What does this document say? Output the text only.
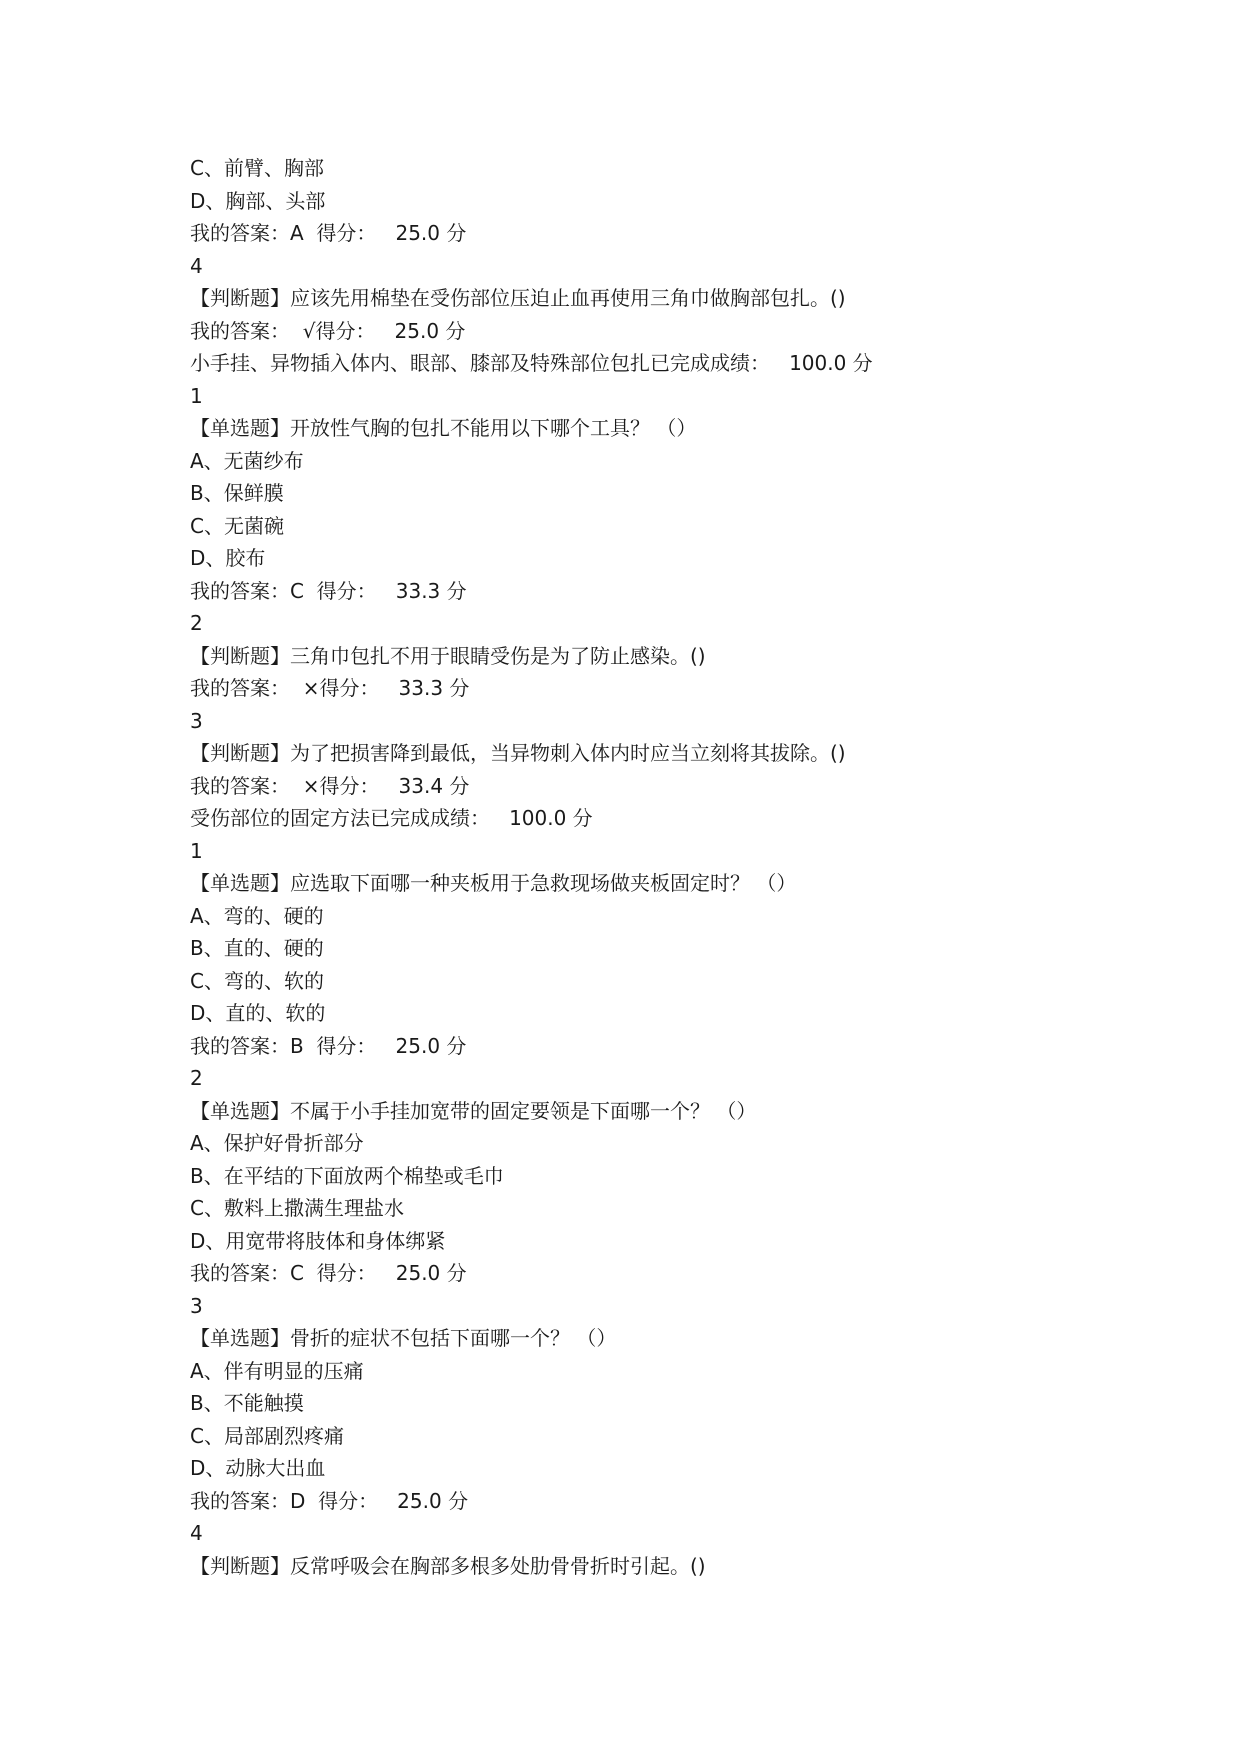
C、前臂、胸部
D、胸部、头部
我的答案：A  得分：   25.0 分
4
【判断题】应该先用棉垫在受伤部位压迫止血再使用三角巾做胸部包扎。()
我的答案：  √得分：   25.0 分
小手挂、异物插入体内、眼部、膝部及特殊部位包扎已完成成绩：   100.0 分
1
【单选题】开放性气胸的包扎不能用以下哪个工具？ （）
A、无菌纱布
B、保鲜膜
C、无菌碗
D、胶布
我的答案：C  得分：   33.3 分
2
【判断题】三角巾包扎不用于眼睛受伤是为了防止感染。()
我的答案：  ×得分：   33.3 分
3
【判断题】为了把损害降到最低，当异物刺入体内时应当立刻将其拔除。()
我的答案：  ×得分：   33.4 分
受伤部位的固定方法已完成成绩：   100.0 分
1
【单选题】应选取下面哪一种夹板用于急救现场做夹板固定时？ （）
A、弯的、硬的
B、直的、硬的
C、弯的、软的
D、直的、软的
我的答案：B  得分：   25.0 分
2
【单选题】不属于小手挂加宽带的固定要领是下面哪一个？ （）
A、保护好骨折部分
B、在平结的下面放两个棉垫或毛巾
C、敷料上撒满生理盐水
D、用宽带将肢体和身体绑紧
我的答案：C  得分：   25.0 分
3
【单选题】骨折的症状不包括下面哪一个？ （）
A、伴有明显的压痛
B、不能触摸
C、局部剧烈疼痛
D、动脉大出血
我的答案：D  得分：   25.0 分
4
【判断题】反常呼吸会在胸部多根多处肋骨骨折时引起。()
